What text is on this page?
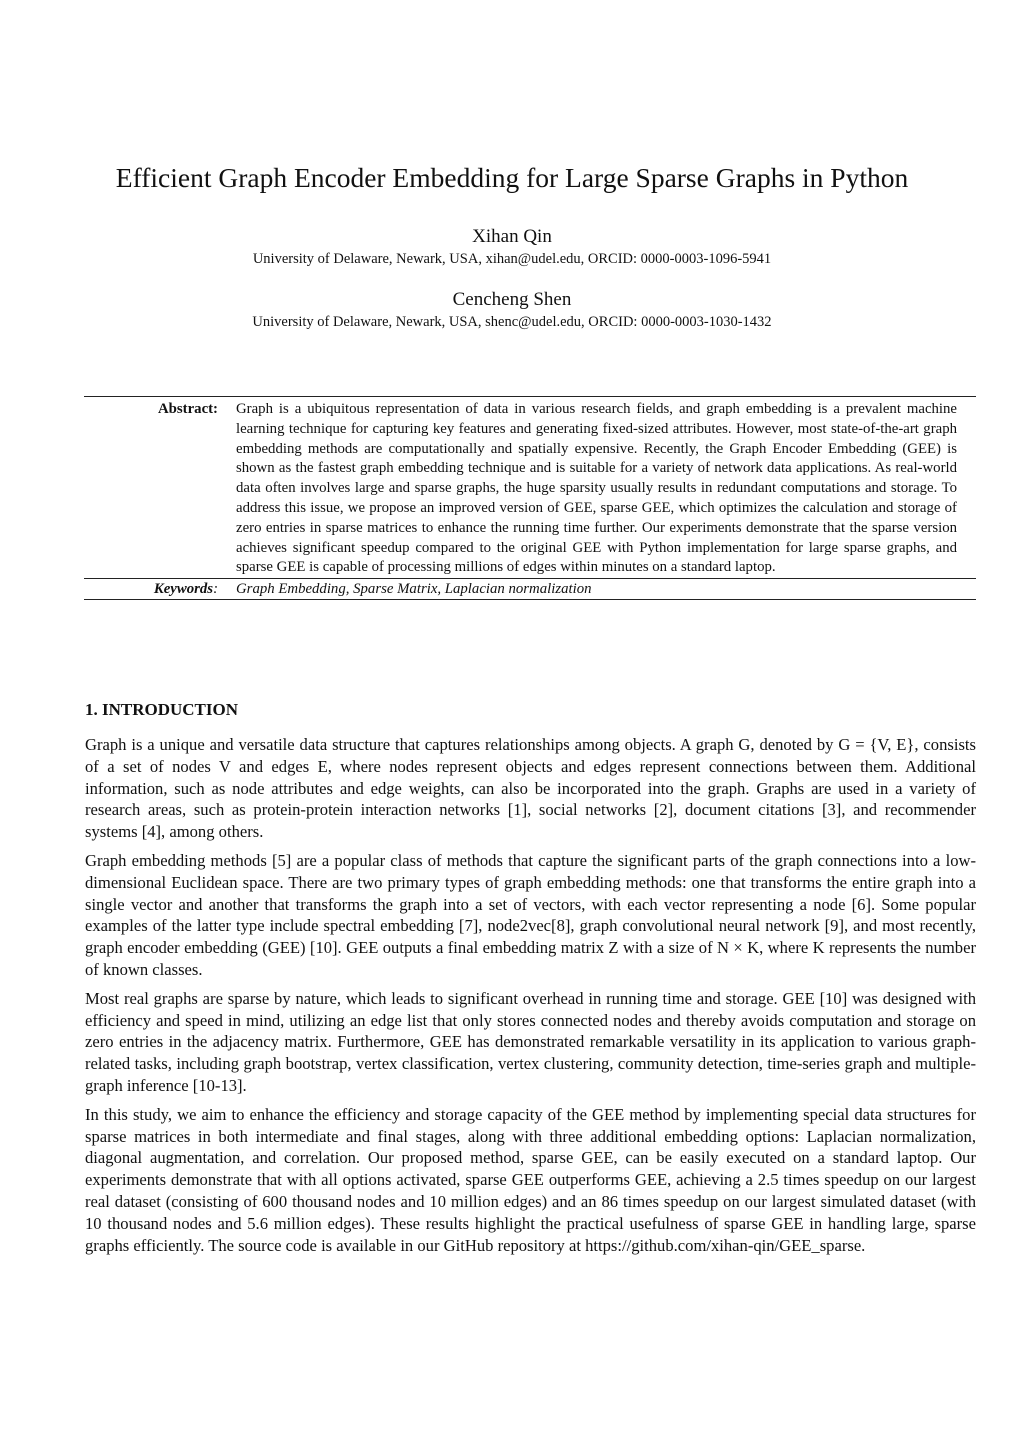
Efficient Graph Encoder Embedding for Large Sparse Graphs in Python
Xihan Qin
University of Delaware, Newark, USA, xihan@udel.edu, ORCID: 0000-0003-1096-5941
Cencheng Shen
University of Delaware, Newark, USA, shenc@udel.edu, ORCID: 0000-0003-1030-1432
Abstract:	Graph is a ubiquitous representation of data in various research fields, and graph embedding is a prevalent machine learning technique for capturing key features and generating fixed-sized attributes. However, most state-of-the-art graph embedding methods are computationally and spatially expensive. Recently, the Graph Encoder Embedding (GEE) is shown as the fastest graph embedding technique and is suitable for a variety of network data applications. As real-world data often involves large and sparse graphs, the huge sparsity usually results in redundant computations and storage. To address this issue, we propose an improved version of GEE, sparse GEE, which optimizes the calculation and storage of zero entries in sparse matrices to enhance the running time further. Our experiments demonstrate that the sparse version achieves significant speedup compared to the original GEE with Python implementation for large sparse graphs, and sparse GEE is capable of processing millions of edges within minutes on a standard laptop.
Keywords:	Graph Embedding, Sparse Matrix, Laplacian normalization
1. INTRODUCTION

Graph is a unique and versatile data structure that captures relationships among objects. A graph G, denoted by G = {V, E}, consists of a set of nodes V and edges E, where nodes represent objects and edges represent connections between them. Additional information, such as node attributes and edge weights, can also be incorporated into the graph. Graphs are used in a variety of research areas, such as protein-protein interaction networks [1], social networks [2], document citations [3], and recommender systems [4], among others.

Graph embedding methods [5] are a popular class of methods that capture the significant parts of the graph connections into a low-dimensional Euclidean space. There are two primary types of graph embedding methods: one that transforms the entire graph into a single vector and another that transforms the graph into a set of vectors, with each vector representing a node [6]. Some popular examples of the latter type include spectral embedding [7], node2vec[8], graph convolutional neural network [9], and most recently, graph encoder embedding (GEE) [10]. GEE outputs a final embedding matrix Z with a size of N × K, where K represents the number of known classes.

Most real graphs are sparse by nature, which leads to significant overhead in running time and storage. GEE [10] was designed with efficiency and speed in mind, utilizing an edge list that only stores connected nodes and thereby avoids computation and storage on zero entries in the adjacency matrix. Furthermore, GEE has demonstrated remarkable versatility in its application to various graph-related tasks, including graph bootstrap, vertex classification, vertex clustering, community detection, time-series graph and multiple-graph inference [10-13].

In this study, we aim to enhance the efficiency and storage capacity of the GEE method by implementing special data structures for sparse matrices in both intermediate and final stages, along with three additional embedding options: Laplacian normalization, diagonal augmentation, and correlation. Our proposed method, sparse GEE, can be easily executed on a standard laptop. Our experiments demonstrate that with all options activated, sparse GEE outperforms GEE, achieving a 2.5 times speedup on our largest real dataset (consisting of 600 thousand nodes and 10 million edges) and an 86 times speedup on our largest simulated dataset (with 10 thousand nodes and 5.6 million edges). These results highlight the practical usefulness of sparse GEE in handling large, sparse graphs efficiently. The source code is available in our GitHub repository at https://github.com/xihan-qin/GEE_sparse.
